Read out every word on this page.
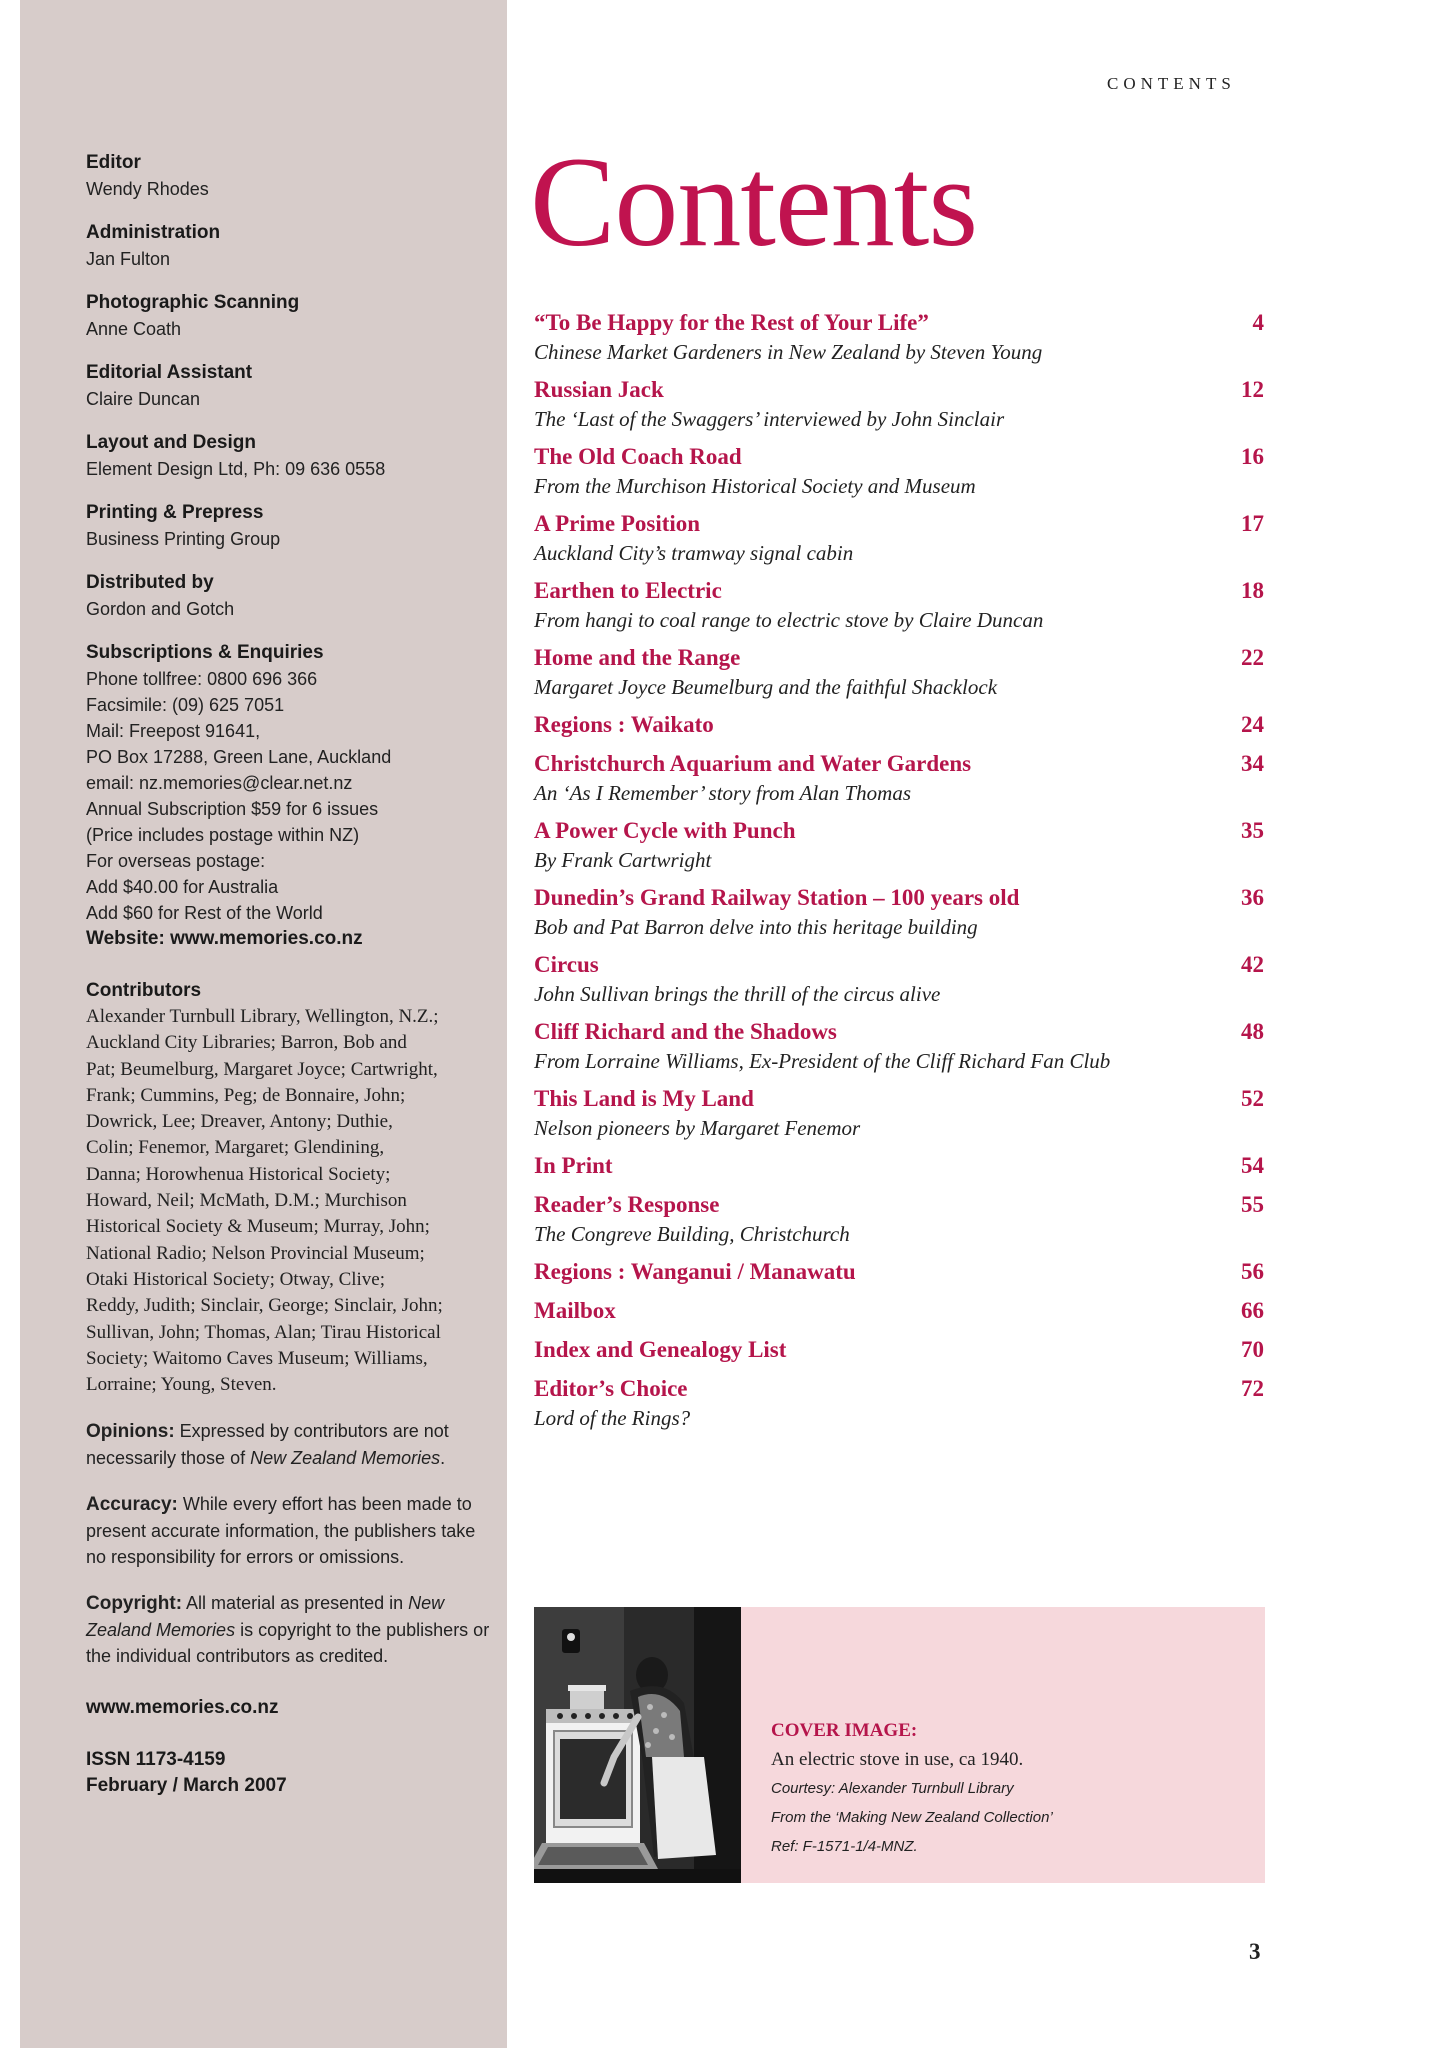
Editor
Wendy Rhodes
Administration
Jan Fulton
Photographic Scanning
Anne Coath
Editorial Assistant
Claire Duncan
Layout and Design
Element Design Ltd, Ph: 09 636 0558
Printing & Prepress
Business Printing Group
Distributed by
Gordon and Gotch
Subscriptions & Enquiries
Phone tollfree: 0800 696 366
Facsimile: (09) 625 7051
Mail: Freepost 91641,
PO Box 17288, Green Lane, Auckland
email: nz.memories@clear.net.nz
Annual Subscription $59 for 6 issues
(Price includes postage within NZ)
For overseas postage:
Add $40.00 for Australia
Add $60 for Rest of the World
Website: www.memories.co.nz
Contributors
Alexander Turnbull Library, Wellington, N.Z.;
Auckland City Libraries; Barron, Bob and
Pat; Beumelburg, Margaret Joyce; Cartwright,
Frank; Cummins, Peg; de Bonnaire, John;
Dowrick, Lee; Dreaver, Antony; Duthie,
Colin; Fenemor, Margaret; Glendining,
Danna; Horowhenua Historical Society;
Howard, Neil; McMath, D.M.; Murchison
Historical Society & Museum; Murray, John;
National Radio; Nelson Provincial Museum;
Otaki Historical Society; Otway, Clive;
Reddy, Judith; Sinclair, George; Sinclair, John;
Sullivan, John; Thomas, Alan; Tirau Historical
Society; Waitomo Caves Museum; Williams,
Lorraine; Young, Steven.
Opinions: Expressed by contributors are not necessarily those of New Zealand Memories.
Accuracy: While every effort has been made to present accurate information, the publishers take no responsibility for errors or omissions.
Copyright: All material as presented in New Zealand Memories is copyright to the publishers or the individual contributors as credited.
www.memories.co.nz
ISSN 1173-4159
February / March 2007
CONTENTS
Contents
“To Be Happy for the Rest of Your Life”	4
Chinese Market Gardeners in New Zealand by Steven Young
Russian Jack	12
The ‘Last of the Swaggers’ interviewed by John Sinclair
The Old Coach Road	16
From the Murchison Historical Society and Museum
A Prime Position	17
Auckland City’s tramway signal cabin
Earthen to Electric	18
From hangi to coal range to electric stove by Claire Duncan
Home and the Range	22
Margaret Joyce Beumelburg and the faithful Shacklock
Regions : Waikato	24
Christchurch Aquarium and Water Gardens	34
An ‘As I Remember’ story from Alan Thomas
A Power Cycle with Punch	35
By Frank Cartwright
Dunedin’s Grand Railway Station – 100 years old	36
Bob and Pat Barron delve into this heritage building
Circus	42
John Sullivan brings the thrill of the circus alive
Cliff Richard and the Shadows	48
From Lorraine Williams, Ex-President of the Cliff Richard Fan Club
This Land is My Land	52
Nelson pioneers by Margaret Fenemor
In Print	54
Reader’s Response	55
The Congreve Building, Christchurch
Regions : Wanganui / Manawatu	56
Mailbox	66
Index and Genealogy List	70
Editor’s Choice	72
Lord of the Rings?
COVER IMAGE:
An electric stove in use, ca 1940.
Courtesy: Alexander Turnbull Library
From the ‘Making New Zealand Collection’
Ref: F-1571-1/4-MNZ.
3
